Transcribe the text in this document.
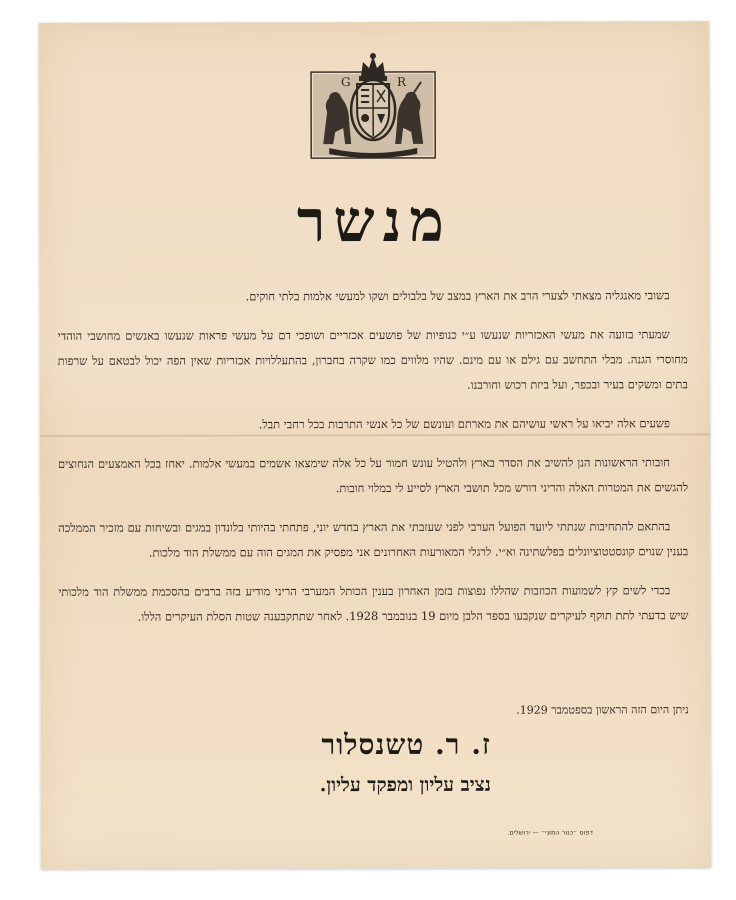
G	R
מנשר

בשובי מאנגליה מצאתי לצערי הרב את הארץ במצב של בלבולים ושקו למעשי אלמות בלתי חוקים.

שמעתי בזועה את מעשי האכזריות שנעשו ע״י כנופיות של פושעים אכזריים ושופכי דם על מעשי פראות שנעשו באנשים מחושבי הוהדי מחוסרי הגנה. מבלי התחשב עם גילם או עם מינם. שהיו מלווים כמו שקרה בחברון, בהתעללויות אכזריות שאין הפה יכול לבטאם על שרפות בתים ומשקים בעיר ובכפר, ועל ביזת רכוש וחורבנו.

פשעים אלה יביאו על ראשי עושיהם את מארתם ועונשם של כל אנשי התרבות בכל רחבי תבל.

חובותי הראשונות הנן להשיב את הסדר בארץ ולהטיל עונש חמור על כל אלה שימצאו אשמים במעשי אלמות. יאחז בכל האמצעים הנחוצים להגשים את המטרות האלה והריני דורש מכל תושבי הארץ לסייע לי במלוי חובות.

בהתאם להתחיבות שנתתי ליועד הפועל הערבי לפני שעזבתי את הארץ בחדש יוני, פתחתי בהיותי בלונדון במגים ובשיחות עם מזכיר הממלכה בענין שנוים קונסטטוציונלים בפלשתינה וא״י. לרגלי המאורעות האחרונים אני מפסיק את המגים הוה עם ממשלת הוד מלכות.

בכדי לשים קץ לשמועות הכוזבות שהללו נפוצות בזמן האחרון בענין הכותל המערבי הריני מודיע בזה ברבים בהסכמת ממשלת הוד מלכותי שיש בדעתי לתת תוקף לעיקרים שנקבעו בספר הלבן מיום 19 בנובמבר 1928. לאחר שתתקבענה שטות הסלת העיקרים הללו.

ניתן היום הזה הראשון בספטמבר 1929.
ז. ר. טשנסלור
נציב עליון ומפקד עליון.
דפוס ״כנור המוני״ — ירושלים.
